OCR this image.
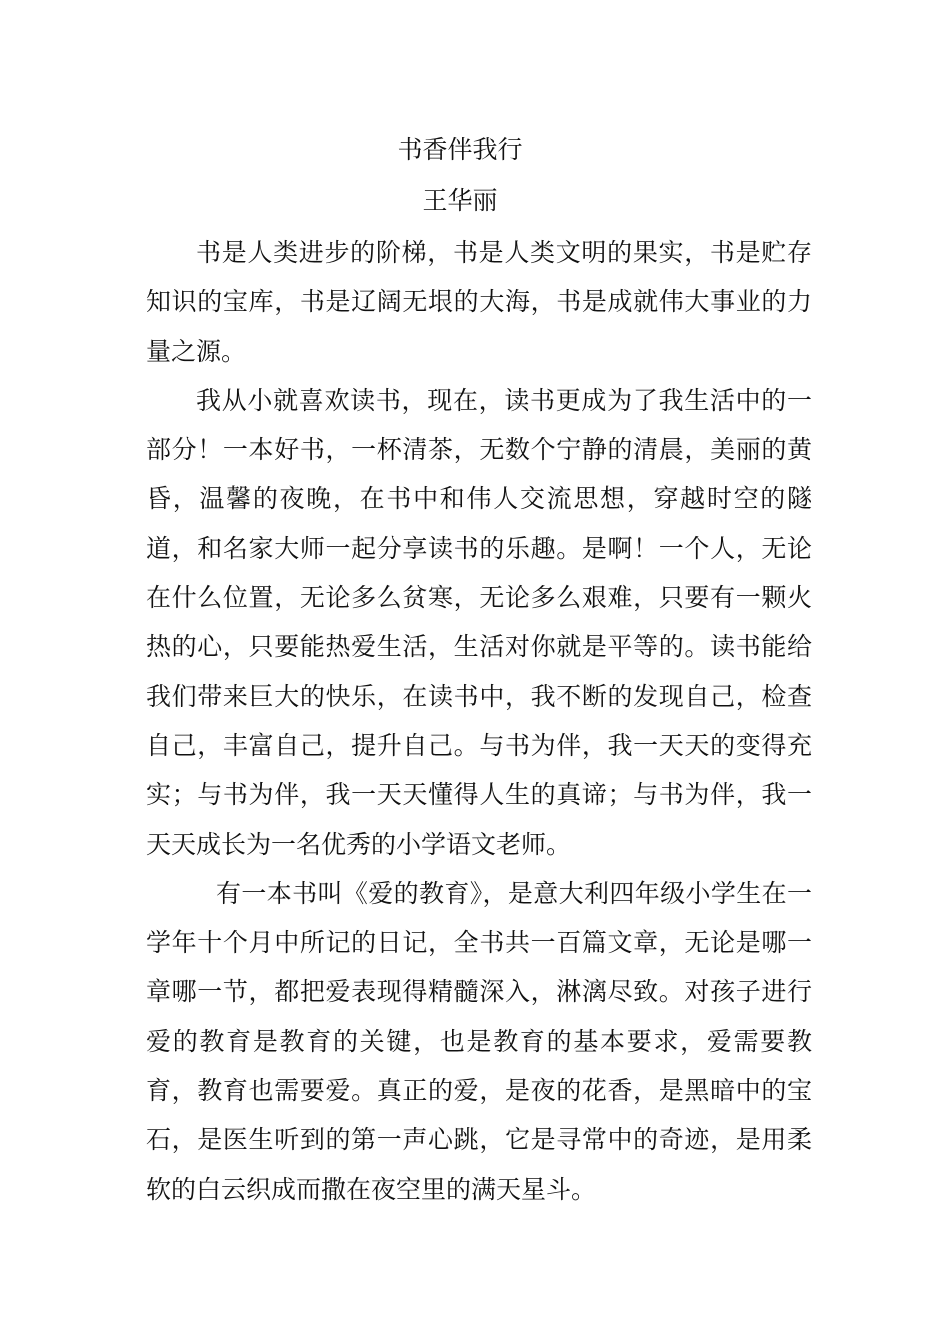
书香伴我行
王华丽

书是人类进步的阶梯，书是人类文明的果实，书是贮存知识的宝库，书是辽阔无垠的大海，书是成就伟大事业的力量之源。

我从小就喜欢读书，现在，读书更成为了我生活中的一部分！一本好书，一杯清茶，无数个宁静的清晨，美丽的黄昏，温馨的夜晚，在书中和伟人交流思想，穿越时空的隧道，和名家大师一起分享读书的乐趣。是啊！一个人，无论在什么位置，无论多么贫寒，无论多么艰难，只要有一颗火热的心，只要能热爱生活，生活对你就是平等的。读书能给我们带来巨大的快乐，在读书中，我不断的发现自己，检查自己，丰富自己，提升自己。与书为伴，我一天天的变得充实；与书为伴，我一天天懂得人生的真谛；与书为伴，我一天天成长为一名优秀的小学语文老师。

有一本书叫《爱的教育》，是意大利四年级小学生在一学年十个月中所记的日记，全书共一百篇文章，无论是哪一章哪一节，都把爱表现得精髓深入，淋漓尽致。对孩子进行爱的教育是教育的关键，也是教育的基本要求，爱需要教育，教育也需要爱。真正的爱，是夜的花香，是黑暗中的宝石，是医生听到的第一声心跳，它是寻常中的奇迹，是用柔软的白云织成而撒在夜空里的满天星斗。
